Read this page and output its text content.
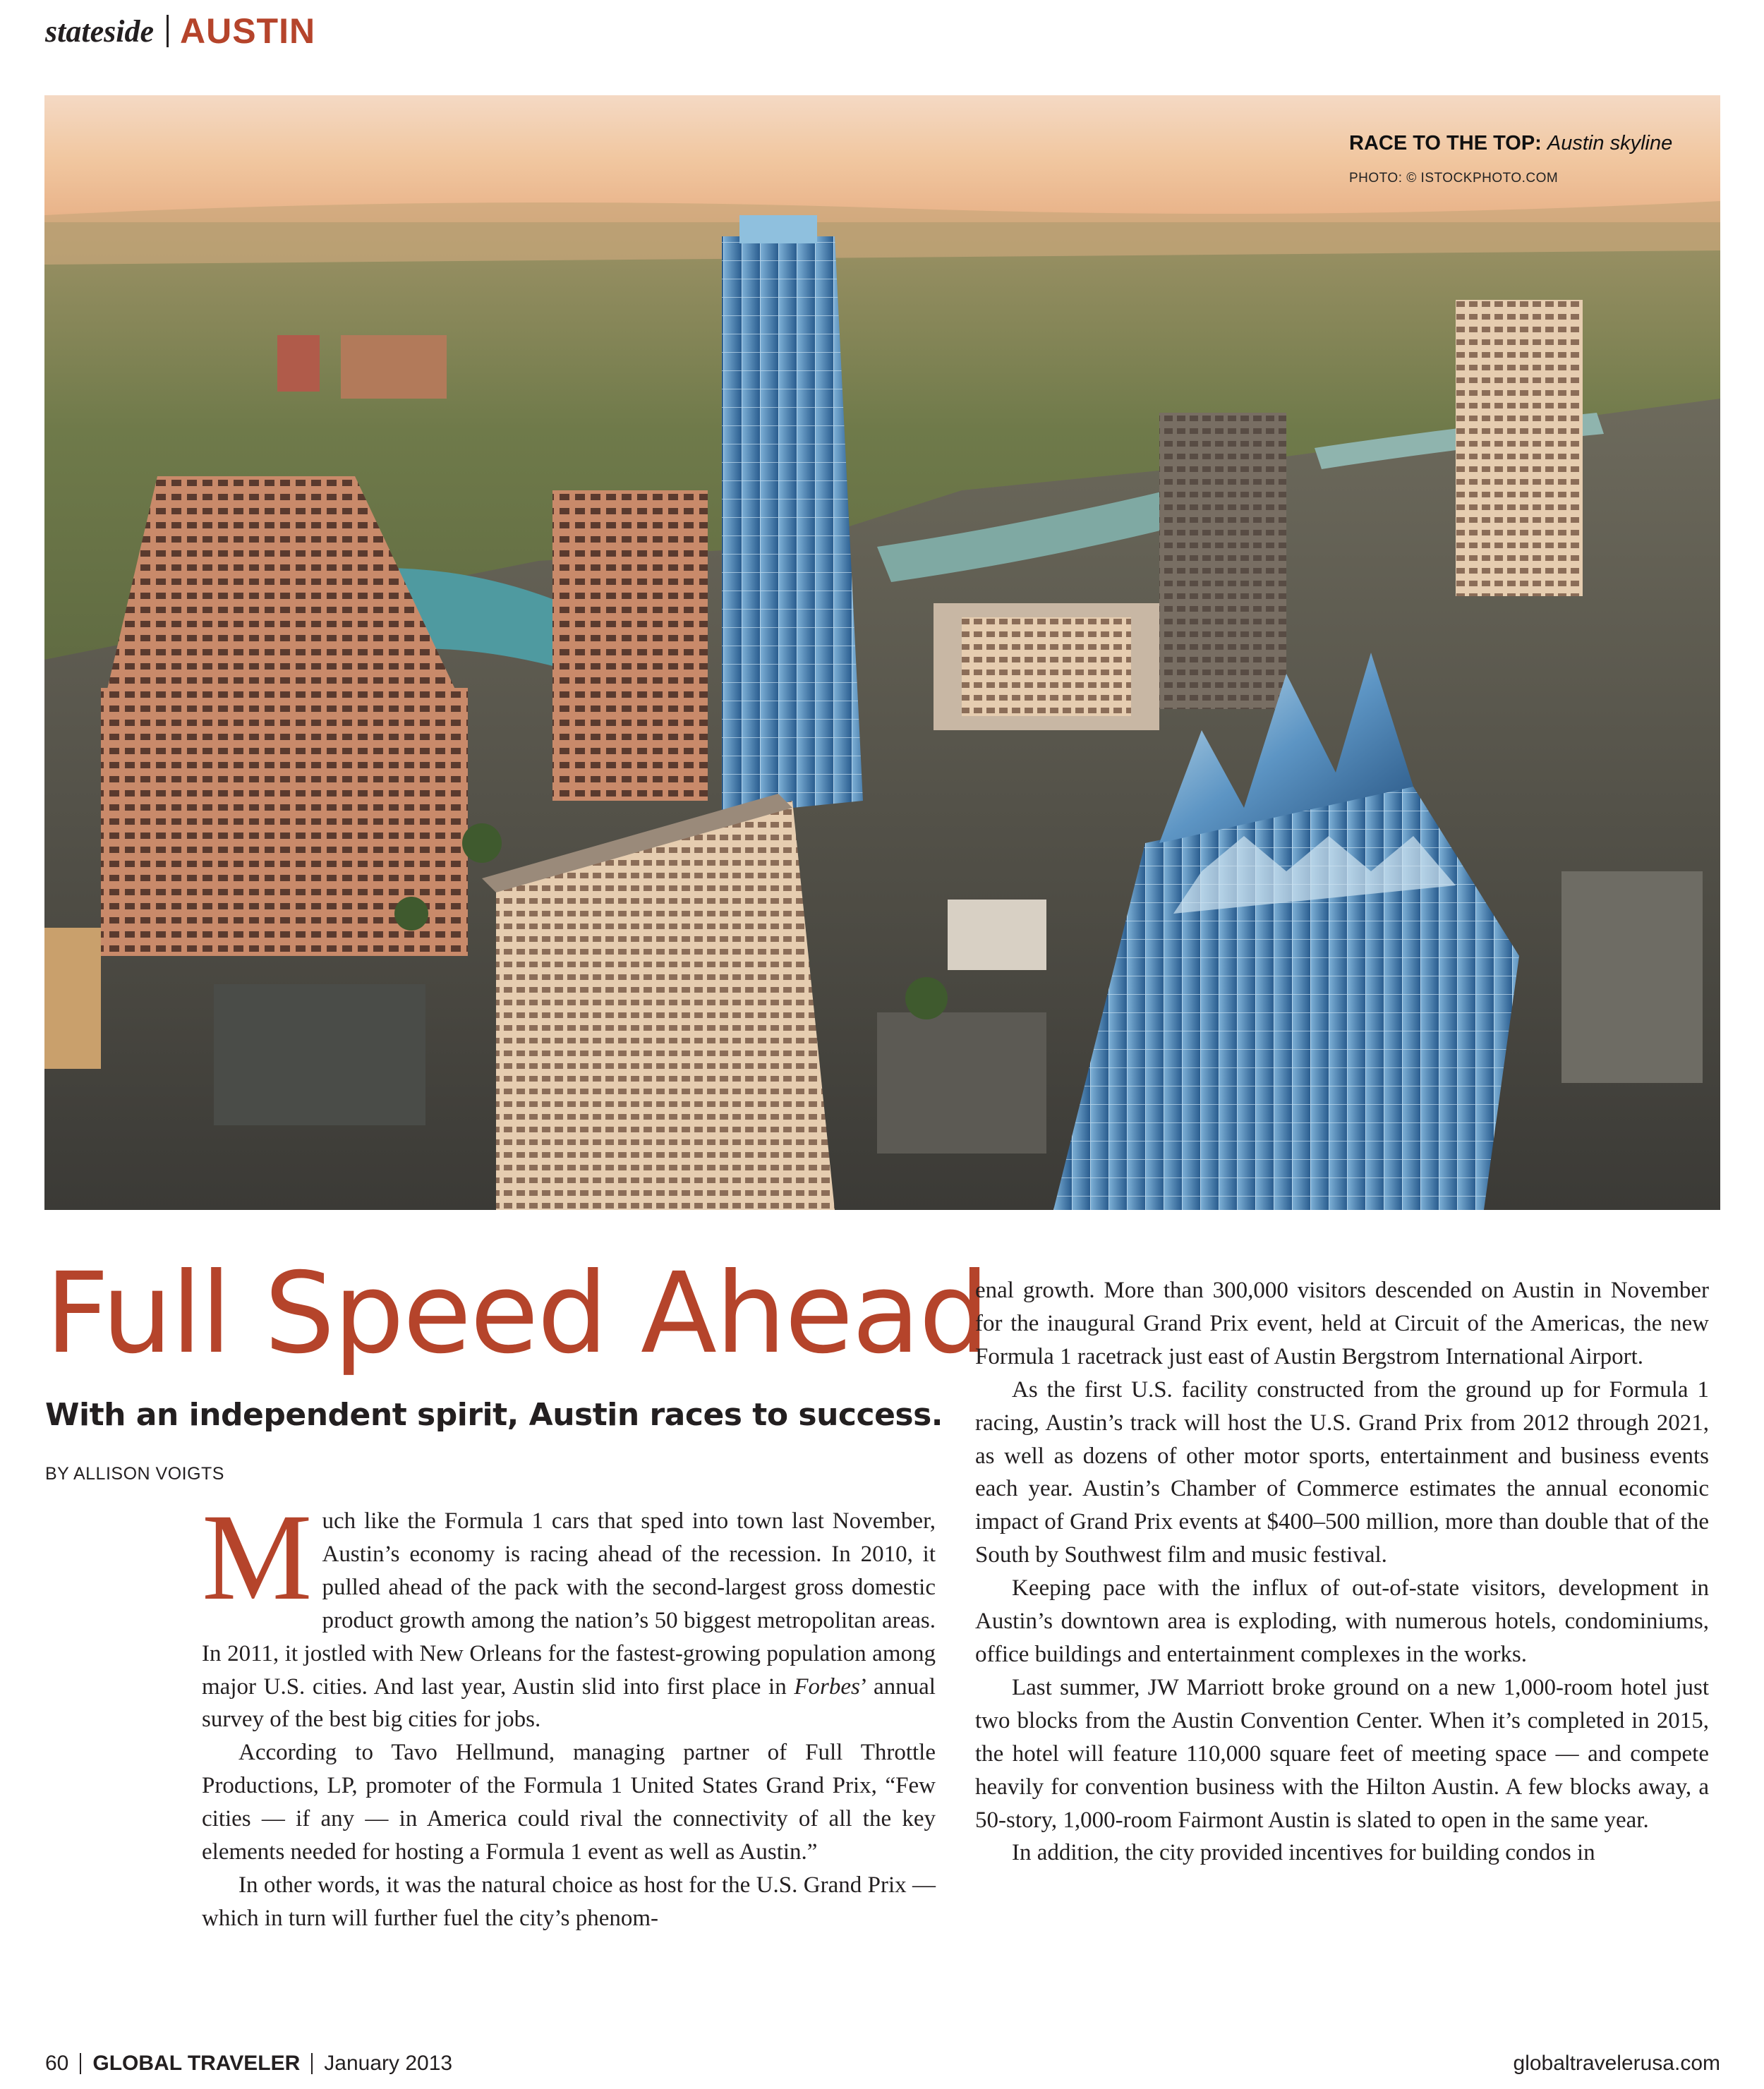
stateside AUSTIN
RACE TO THE TOP: Austin skyline
PHOTO: © ISTOCKPHOTO.COM
Full Speed Ahead
With an independent spirit, Austin races to success.
BY ALLISON VOIGTS

Much like the Formula 1 cars that sped into town last November, Austin’s economy is racing ahead of the recession. In 2010, it pulled ahead of the pack with the second-largest gross domestic product growth among the nation’s 50 biggest metropolitan areas. In 2011, it jostled with New Orleans for the fastest-growing population among major U.S. cities. And last year, Austin slid into first place in Forbes’ annual survey of the best big cities for jobs.

According to Tavo Hellmund, managing partner of Full Throttle Productions, LP, promoter of the Formula 1 United States Grand Prix, “Few cities — if any — in America could rival the connectivity of all the key elements needed for hosting a Formula 1 event as well as Austin.”

In other words, it was the natural choice as host for the U.S. Grand Prix — which in turn will further fuel the city’s phenom-

enal growth. More than 300,000 visitors descended on Austin in November for the inaugural Grand Prix event, held at Circuit of the Americas, the new Formula 1 racetrack just east of Austin Bergstrom International Airport.

As the first U.S. facility constructed from the ground up for Formula 1 racing, Austin’s track will host the U.S. Grand Prix from 2012 through 2021, as well as dozens of other motor sports, entertainment and business events each year. Austin’s Chamber of Commerce estimates the annual economic impact of Grand Prix events at $400–500 million, more than double that of the South by Southwest film and music festival.

Keeping pace with the influx of out-of-state visitors, development in Austin’s downtown area is exploding, with numerous hotels, condominiums, office buildings and entertainment complexes in the works.

Last summer, JW Marriott broke ground on a new 1,000-room hotel just two blocks from the Austin Convention Center. When it’s completed in 2015, the hotel will feature 110,000 square feet of meeting space — and compete heavily for convention business with the Hilton Austin. A few blocks away, a 50-story, 1,000-room Fairmont Austin is slated to open in the same year.

In addition, the city provided incentives for building condos in

60 GLOBAL TRAVELER January 2013	globaltravelerusa.com
